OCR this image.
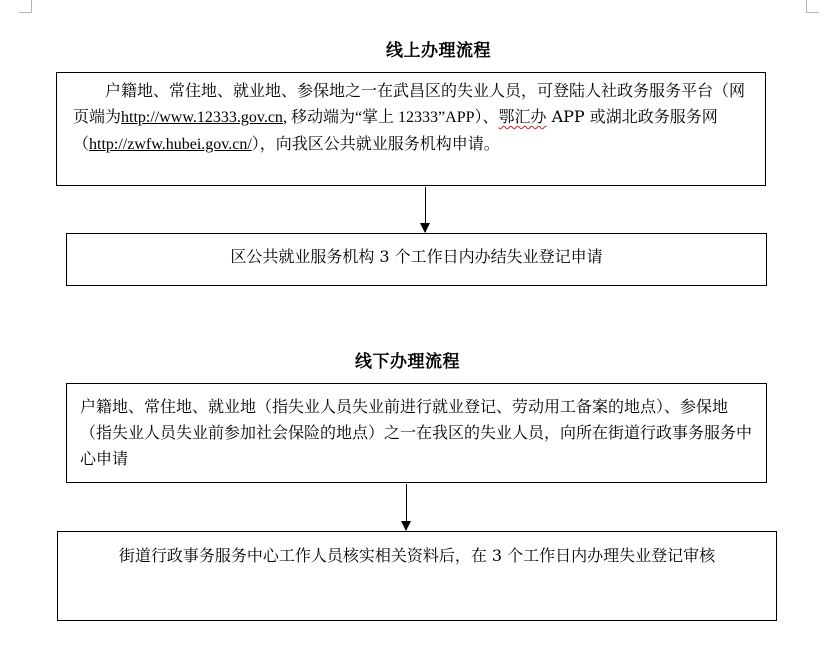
线上办理流程
户籍地、常住地、就业地、参保地之一在武昌区的失业人员，可登陆人社政务服务平台（网页端为http://www.12333.gov.cn, 移动端为“掌上 12333”APP）、鄂汇办 APP 或湖北政务服务网（http://zwfw.hubei.gov.cn/），向我区公共就业服务机构申请。
区公共就业服务机构 3 个工作日内办结失业登记申请
线下办理流程
户籍地、常住地、就业地（指失业人员失业前进行就业登记、劳动用工备案的地点）、参保地（指失业人员失业前参加社会保险的地点）之一在我区的失业人员，向所在街道行政事务服务中心申请
街道行政事务服务中心工作人员核实相关资料后，在 3 个工作日内办理失业登记审核
